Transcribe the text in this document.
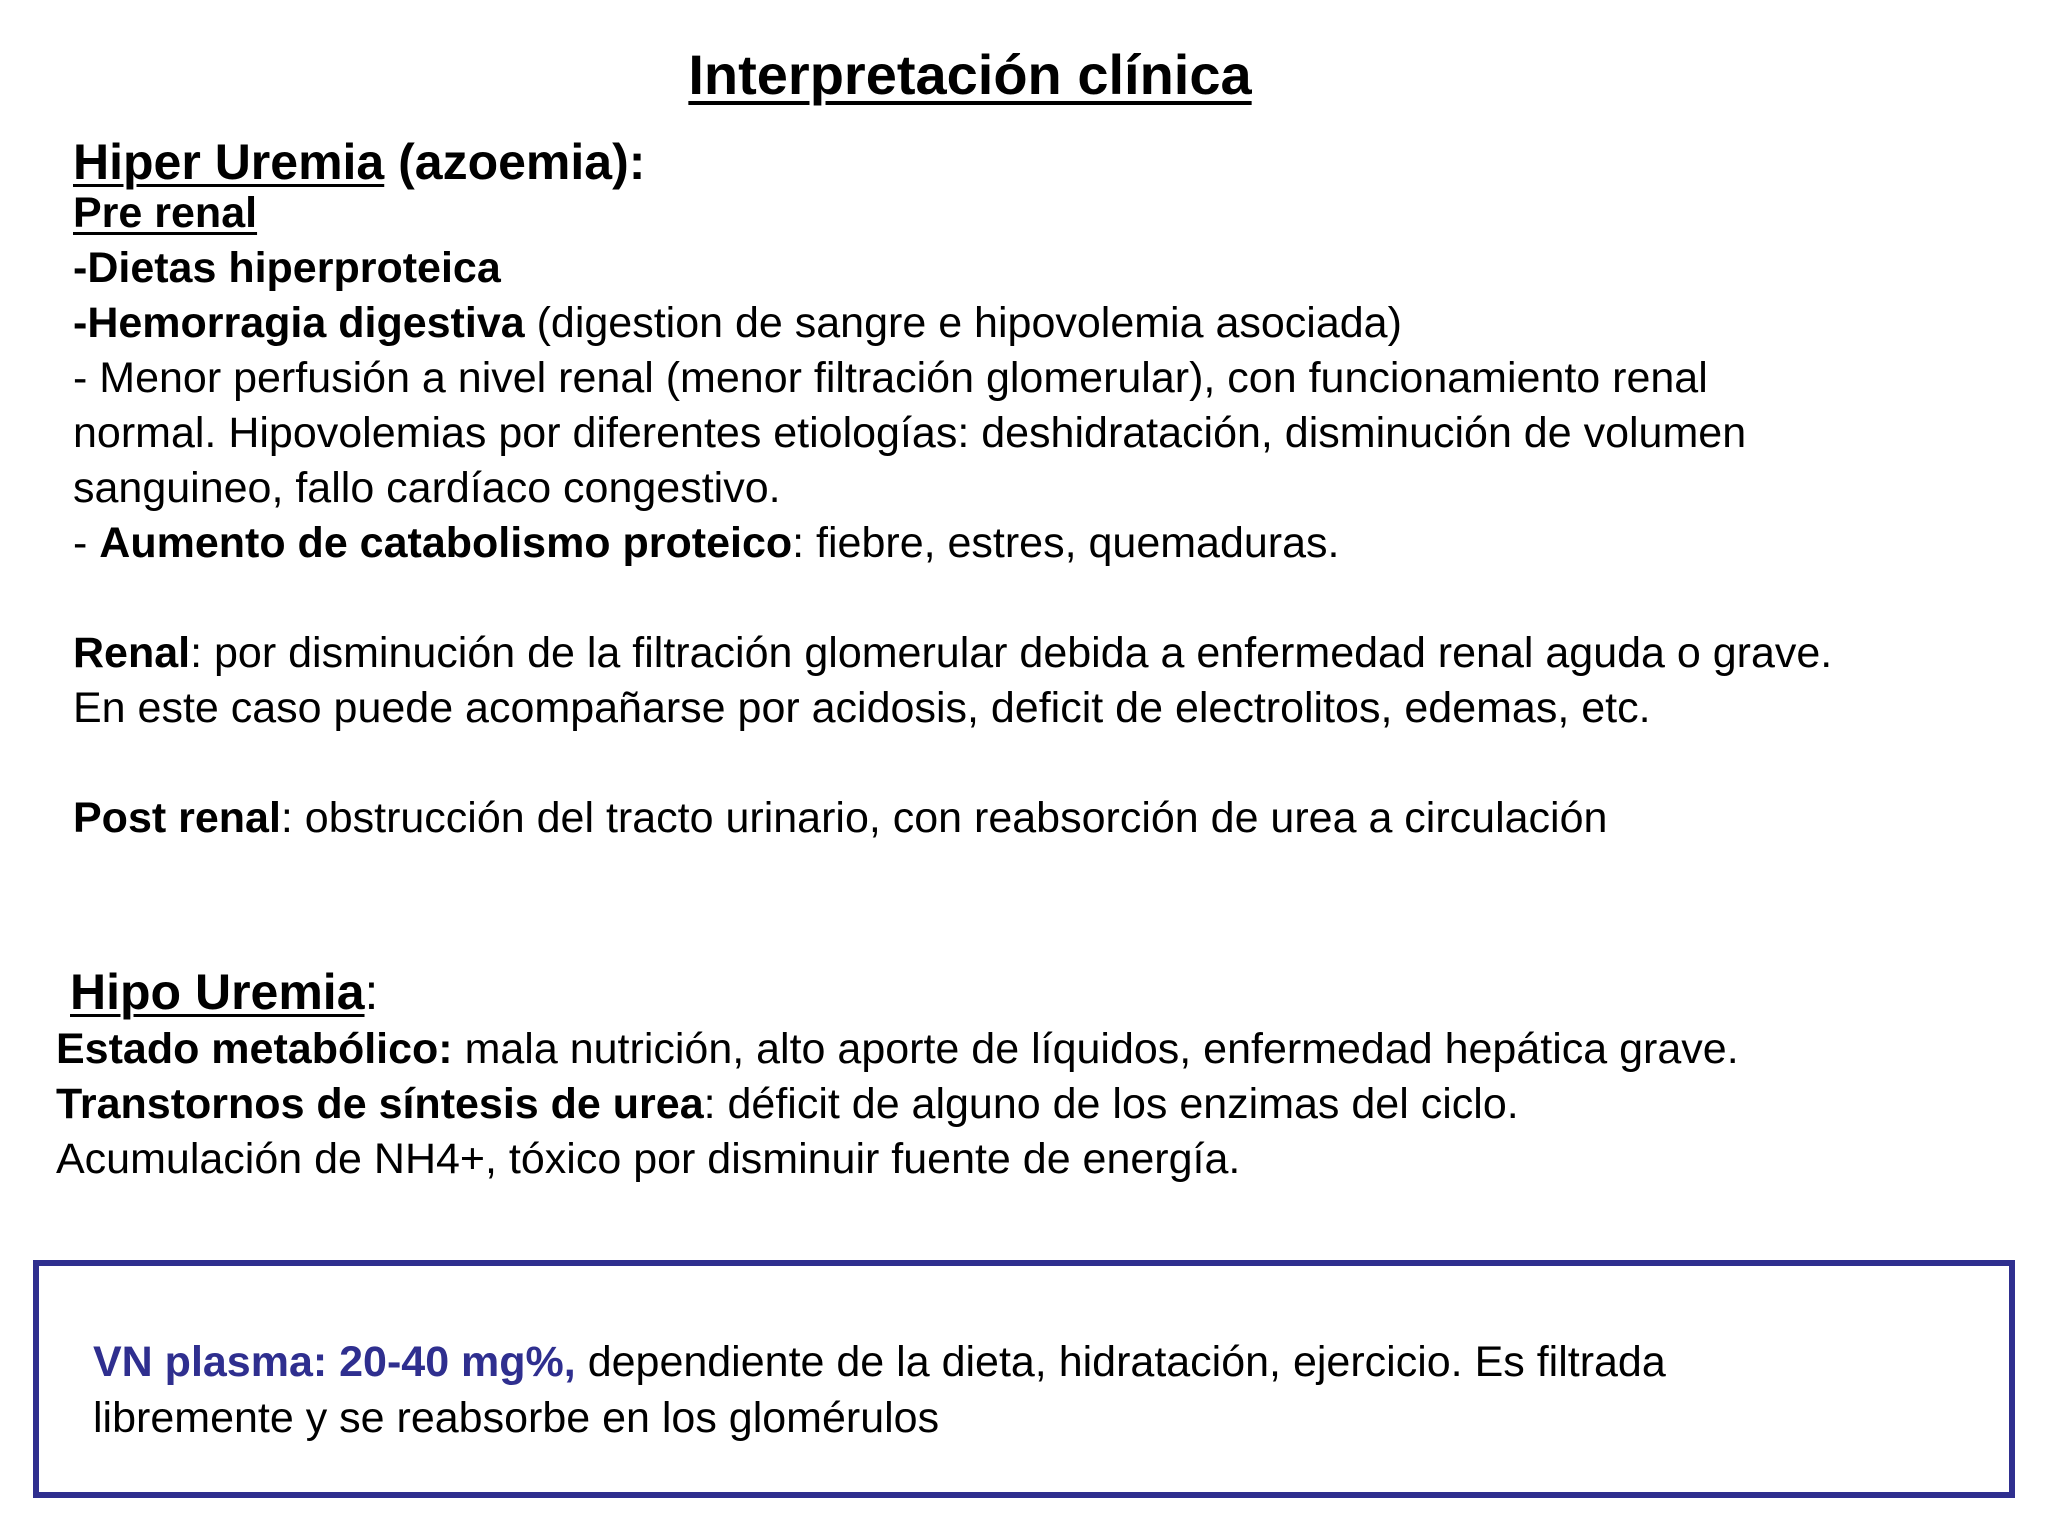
Interpretación clínica

Hiper Uremia (azoemia):

Pre renal

-Dietas hiperproteica

-Hemorragia digestiva (digestion de sangre e hipovolemia asociada)

- Menor perfusión a nivel renal (menor filtración glomerular), con funcionamiento renal

normal. Hipovolemias por diferentes etiologías: deshidratación, disminución de volumen

sanguineo, fallo cardíaco congestivo.

- Aumento de catabolismo proteico: fiebre, estres, quemaduras.

Renal: por disminución de la filtración glomerular debida a enfermedad renal aguda o grave.

En este caso puede acompañarse por acidosis, deficit de electrolitos, edemas, etc.

Post renal: obstrucción del tracto urinario, con reabsorción de urea a circulación

Hipo Uremia:

Estado metabólico: mala nutrición, alto aporte de líquidos, enfermedad hepática grave.

Transtornos de síntesis de urea: déficit de alguno de los enzimas del ciclo.

Acumulación de NH4+, tóxico por disminuir fuente de energía.

VN plasma: 20-40 mg%, dependiente de la dieta, hidratación, ejercicio. Es filtrada

libremente y se reabsorbe en los glomérulos
